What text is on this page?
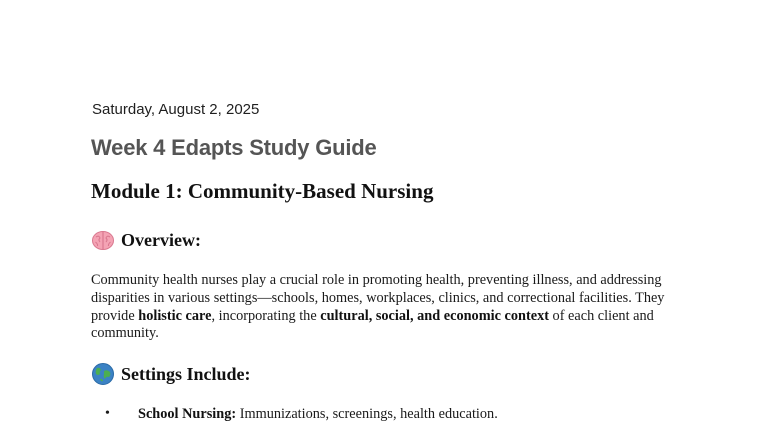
Saturday, August 2, 2025
Week 4 Edapts Study Guide
Module 1: Community-Based Nursing
Overview:
Community health nurses play a crucial role in promoting health, preventing illness, and addressing disparities in various settings—schools, homes, workplaces, clinics, and correctional facilities. They provide holistic care, incorporating the cultural, social, and economic context of each client and community.
Settings Include:
• School Nursing: Immunizations, screenings, health education.
